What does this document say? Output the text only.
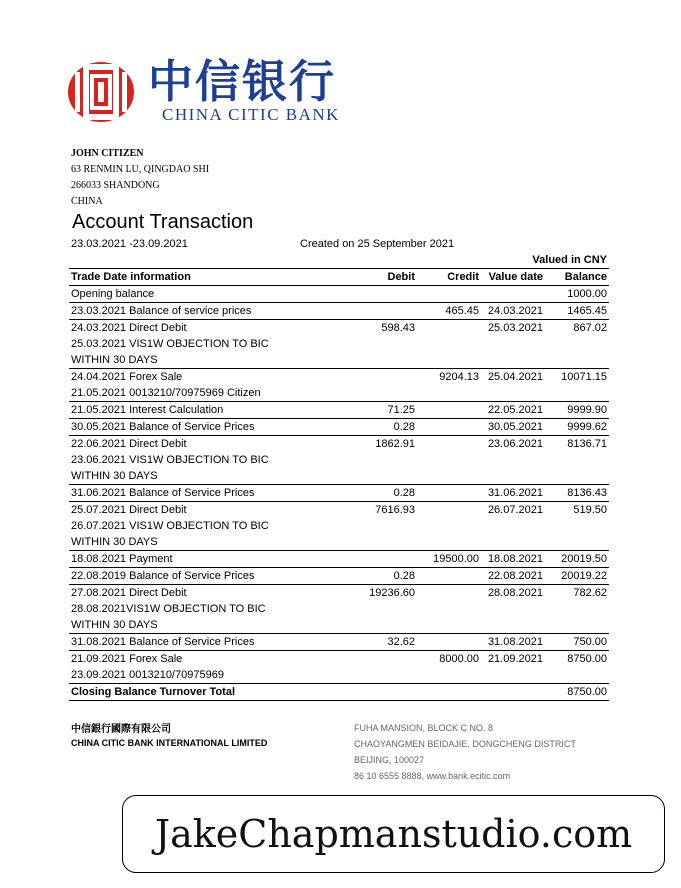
中信银行
CHINA CITIC BANK
JOHN CITIZEN
63 RENMIN LU, QINGDAO SHI
266033 SHANDONG
CHINA
Account Transaction
23.03.2021 -23.09.2021	Created on 25 September 2021
Valued in CNY
Trade Date information	Debit	Credit	Value date	Balance
Opening balance				1000.00
23.03.2021 Balance of service prices		465.45	24.03.2021	1465.45
24.03.2021 Direct Debit	598.43		25.03.2021	867.02
25.03.2021 VIS1W OBJECTION TO BIC				
WITHIN 30 DAYS				
24.04.2021 Forex Sale		9204.13	25.04.2021	10071.15
21.05.2021 0013210/70975969 Citizen				
21.05.2021 Interest Calculation	71.25		22.05.2021	9999.90
30.05.2021 Balance of Service Prices	0.28		30.05.2021	9999.62
22.06.2021 Direct Debit	1862.91		23.06.2021	8136.71
23.06.2021 VIS1W OBJECTION TO BIC				
WITHIN 30 DAYS				
31.06.2021 Balance of Service Prices	0.28		31.06.2021	8136.43
25.07.2021 Direct Debit	7616.93		26.07.2021	519.50
26.07.2021 VIS1W OBJECTION TO BIC				
WITHIN 30 DAYS				
18.08.2021 Payment		19500.00	18.08.2021	20019.50
22.08.2019 Balance of Service Prices	0.28		22.08.2021	20019.22
27.08.2021 Direct Debit	19236.60		28.08.2021	782.62
28.08.2021VIS1W OBJECTION TO BIC				
WITHIN 30 DAYS				
31.08.2021 Balance of Service Prices	32.62		31.08.2021	750.00
21.09.2021 Forex Sale		8000.00	21.09.2021	8750.00
23.09.2021 0013210/70975969				
Closing Balance Turnover Total				8750.00
中信銀行國際有限公司
CHINA CITIC BANK INTERNATIONAL LIMITED
FUHA MANSION, BLOCK C NO. 8
CHAOYANGMEN BEIDAJIE, DONGCHENG DISTRICT
BEIJING, 100027
86 10 6555 8888, www.bank.ecitic.com
JakeChapmanstudio.com
